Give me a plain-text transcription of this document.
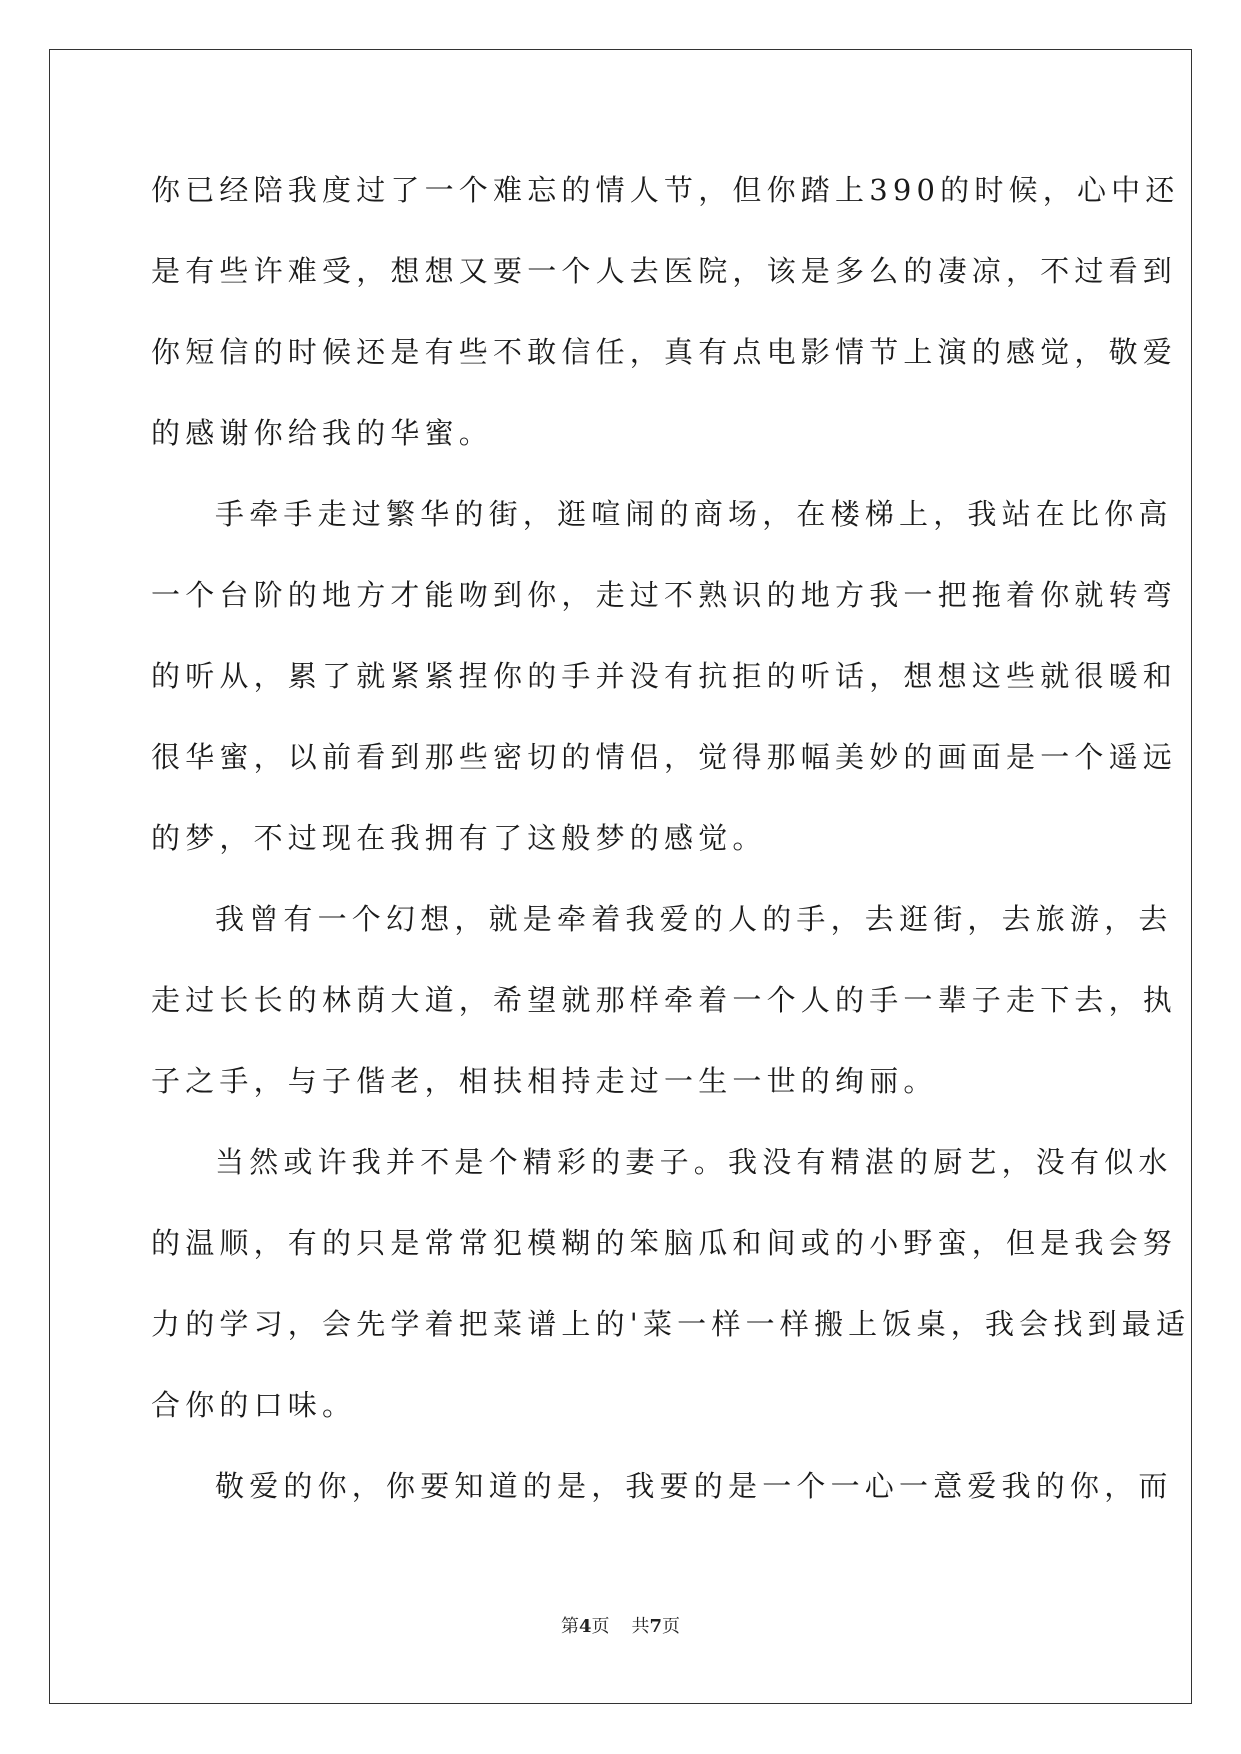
你已经陪我度过了一个难忘的情人节，但你踏上390的时候，心中还
是有些许难受，想想又要一个人去医院，该是多么的凄凉，不过看到
你短信的时候还是有些不敢信任，真有点电影情节上演的感觉，敬爱
的感谢你给我的华蜜。
手牵手走过繁华的街，逛喧闹的商场，在楼梯上，我站在比你高
一个台阶的地方才能吻到你，走过不熟识的地方我一把拖着你就转弯
的听从，累了就紧紧捏你的手并没有抗拒的听话，想想这些就很暖和
很华蜜，以前看到那些密切的情侣，觉得那幅美妙的画面是一个遥远
的梦，不过现在我拥有了这般梦的感觉。
我曾有一个幻想，就是牵着我爱的人的手，去逛街，去旅游，去
走过长长的林荫大道，希望就那样牵着一个人的手一辈子走下去，执
子之手，与子偕老，相扶相持走过一生一世的绚丽。
当然或许我并不是个精彩的妻子。我没有精湛的厨艺，没有似水
的温顺，有的只是常常犯模糊的笨脑瓜和间或的小野蛮，但是我会努
力的学习，会先学着把菜谱上的'菜一样一样搬上饭桌，我会找到最适
合你的口味。
敬爱的你，你要知道的是，我要的是一个一心一意爱我的你，而
第4页 共7页
